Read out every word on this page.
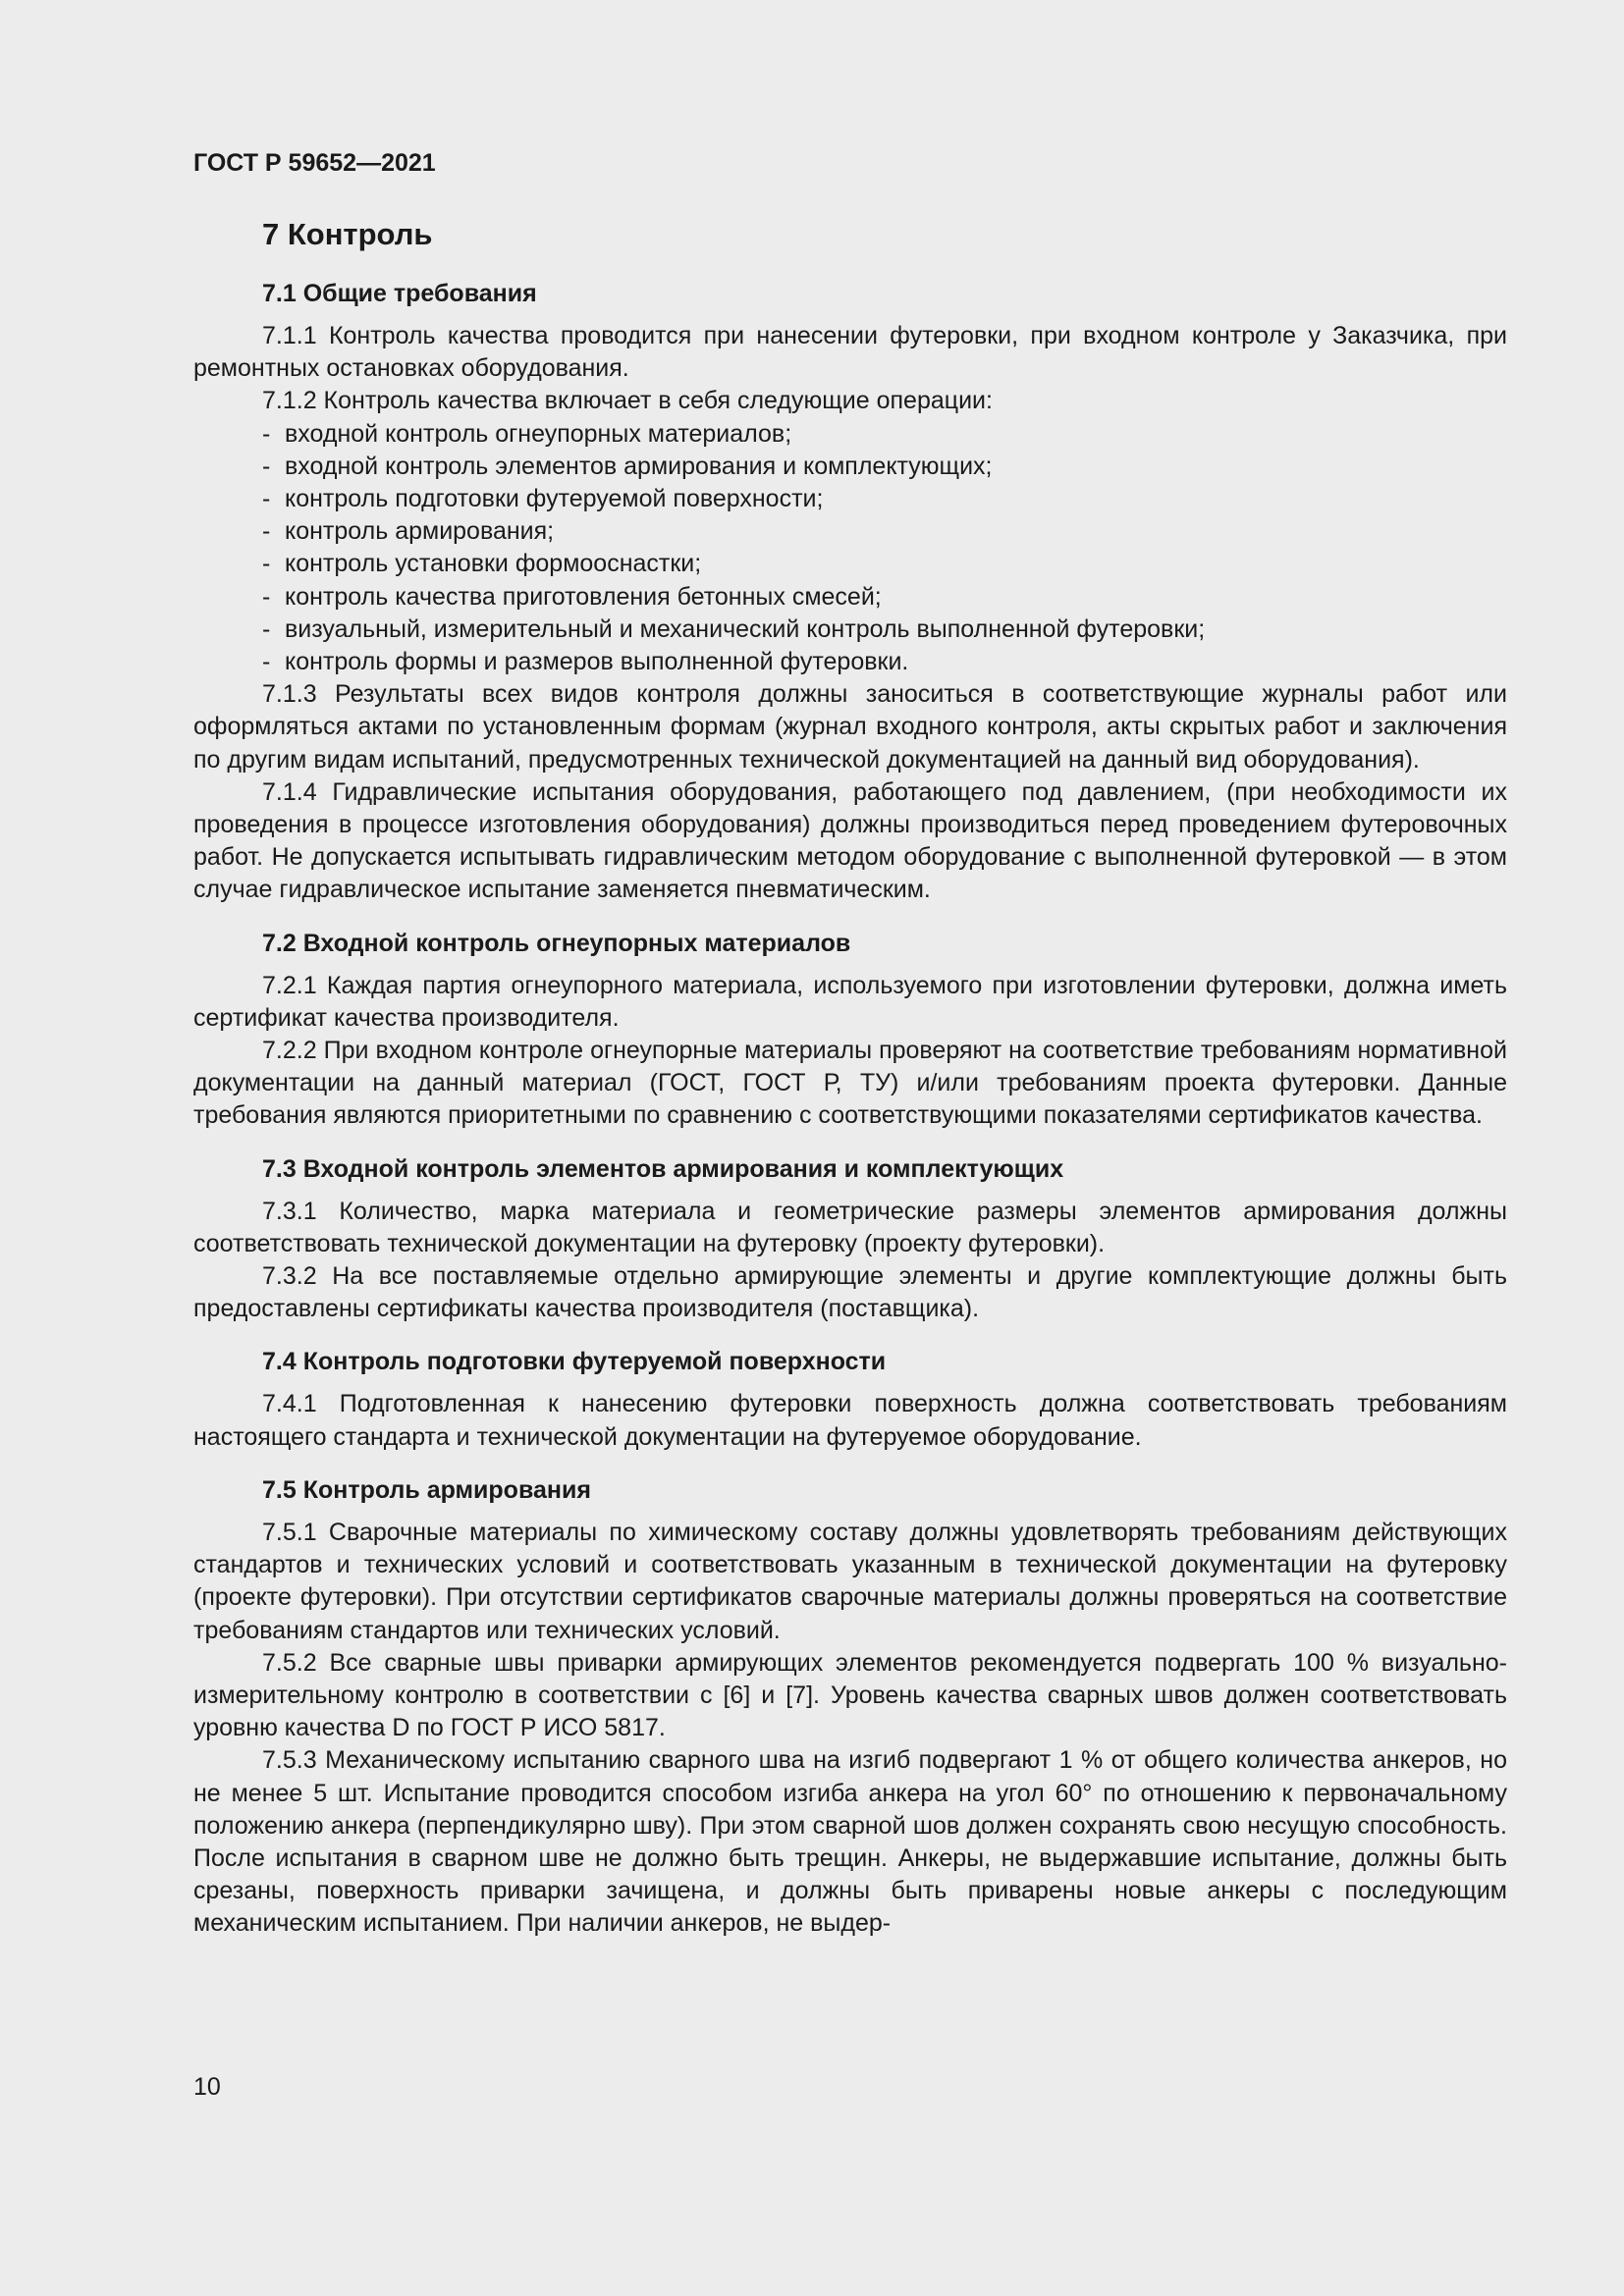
ГОСТ Р 59652—2021
7 Контроль
7.1 Общие требования

7.1.1 Контроль качества проводится при нанесении футеровки, при входном контроле у Заказчика, при ремонтных остановках оборудования.

7.1.2 Контроль качества включает в себя следующие операции:

- входной контроль огнеупорных материалов;
- входной контроль элементов армирования и комплектующих;
- контроль подготовки футеруемой поверхности;
- контроль армирования;
- контроль установки формооснастки;
- контроль качества приготовления бетонных смесей;
- визуальный, измерительный и механический контроль выполненной футеровки;
- контроль формы и размеров выполненной футеровки.

7.1.3 Результаты всех видов контроля должны заноситься в соответствующие журналы работ или оформляться актами по установленным формам (журнал входного контроля, акты скрытых работ и заключения по другим видам испытаний, предусмотренных технической документацией на данный вид оборудования).

7.1.4 Гидравлические испытания оборудования, работающего под давлением, (при необходимости их проведения в процессе изготовления оборудования) должны производиться перед проведением футеровочных работ. Не допускается испытывать гидравлическим методом оборудование с выполненной футеровкой — в этом случае гидравлическое испытание заменяется пневматическим.

7.2 Входной контроль огнеупорных материалов

7.2.1 Каждая партия огнеупорного материала, используемого при изготовлении футеровки, должна иметь сертификат качества производителя.

7.2.2 При входном контроле огнеупорные материалы проверяют на соответствие требованиям нормативной документации на данный материал (ГОСТ, ГОСТ Р, ТУ) и/или требованиям проекта футеровки. Данные требования являются приоритетными по сравнению с соответствующими показателями сертификатов качества.

7.3 Входной контроль элементов армирования и комплектующих

7.3.1 Количество, марка материала и геометрические размеры элементов армирования должны соответствовать технической документации на футеровку (проекту футеровки).

7.3.2 На все поставляемые отдельно армирующие элементы и другие комплектующие должны быть предоставлены сертификаты качества производителя (поставщика).

7.4 Контроль подготовки футеруемой поверхности

7.4.1 Подготовленная к нанесению футеровки поверхность должна соответствовать требованиям настоящего стандарта и технической документации на футеруемое оборудование.

7.5 Контроль армирования

7.5.1 Сварочные материалы по химическому составу должны удовлетворять требованиям действующих стандартов и технических условий и соответствовать указанным в технической документации на футеровку (проекте футеровки). При отсутствии сертификатов сварочные материалы должны проверяться на соответствие требованиям стандартов или технических условий.

7.5.2 Все сварные швы приварки армирующих элементов рекомендуется подвергать 100 % визуально-измерительному контролю в соответствии с [6] и [7]. Уровень качества сварных швов должен соответствовать уровню качества D по ГОСТ Р ИСО 5817.

7.5.3 Механическому испытанию сварного шва на изгиб подвергают 1 % от общего количества анкеров, но не менее 5 шт. Испытание проводится способом изгиба анкера на угол 60° по отношению к первоначальному положению анкера (перпендикулярно шву). При этом сварной шов должен сохранять свою несущую способность. После испытания в сварном шве не должно быть трещин. Анкеры, не выдержавшие испытание, должны быть срезаны, поверхность приварки зачищена, и должны быть приварены новые анкеры с последующим механическим испытанием. При наличии анкеров, не выдер-

10
